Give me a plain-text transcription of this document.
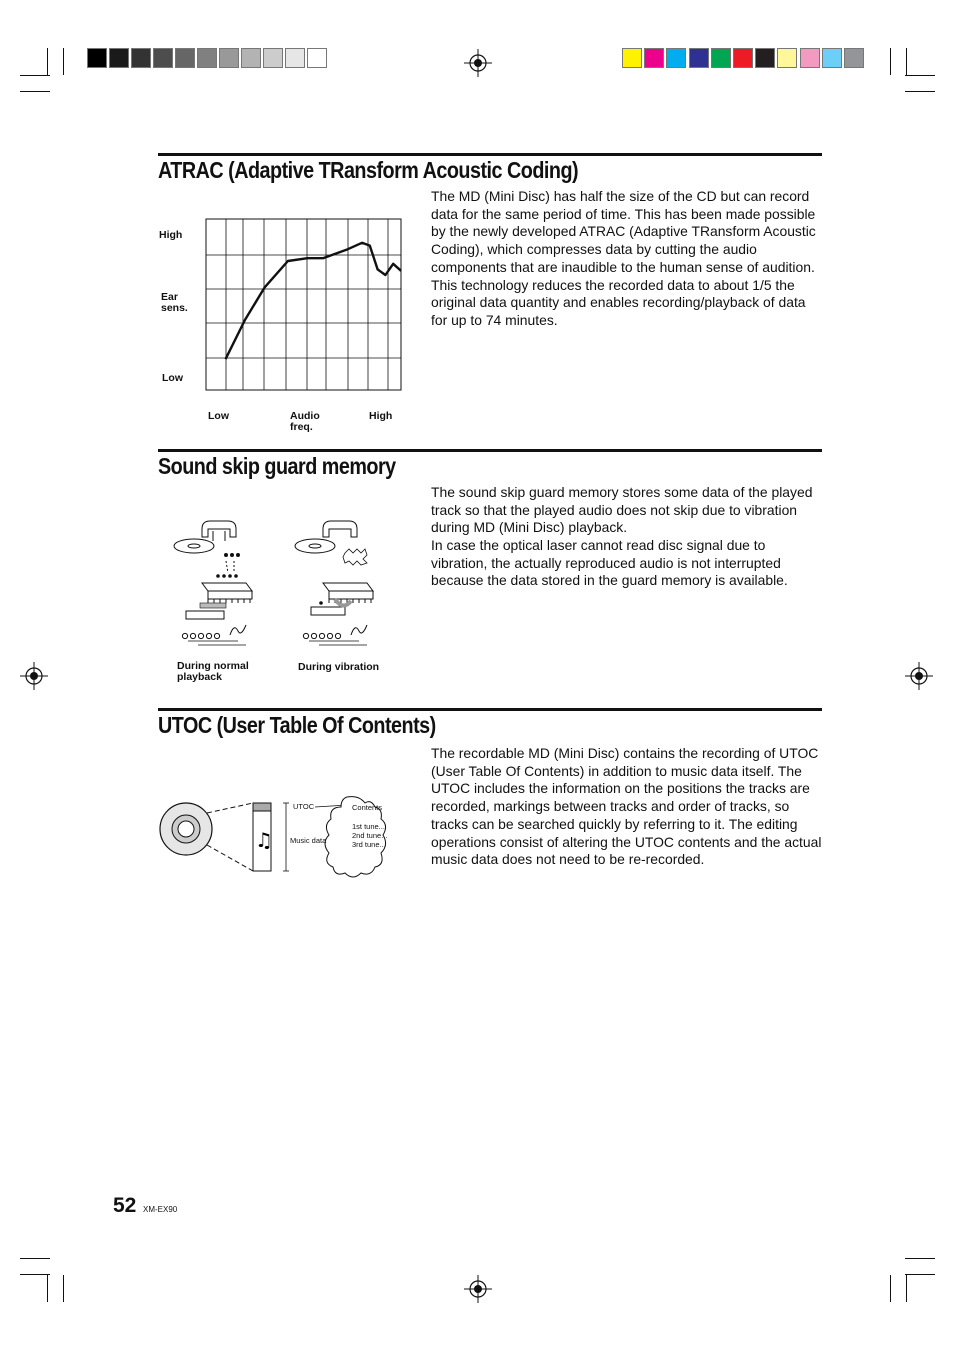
ATRAC (Adaptive TRansform Acoustic Coding)
The MD (Mini Disc) has half the size of the CD but can record data for the same period of time. This has been made possible by the newly developed ATRAC (Adaptive TRansform Acoustic Coding), which compresses data by cutting the audio components that are inaudible to the human sense of audition. This technology reduces the recorded data to about 1/5 the original data quantity and enables recording/playback of data for up to 74 minutes.
High
Ear sens.
Low
Low	Audio freq.
High
Sound skip guard memory
The sound skip guard memory stores some data of the played track so that the played audio does not skip due to vibration during MD (Mini Disc) playback.
In case the optical laser cannot read disc signal due to vibration, the actually reproduced audio is not interrupted because the data stored in the guard memory is available.
During normal playback
During vibration
UTOC (User Table Of Contents)
The recordable MD (Mini Disc) contains the recording of UTOC (User Table Of Contents) in addition to music data itself. The UTOC includes the information on the positions the tracks are recorded, markings between tracks and order of tracks, so tracks can be searched quickly by referring to it. The editing operations consist of altering the UTOC contents and the actual music data does not need to be re-recorded.
♫
UTOC
Music data
Contents
1st tune...
2nd tune...
3rd tune...
52 XM-EX90
